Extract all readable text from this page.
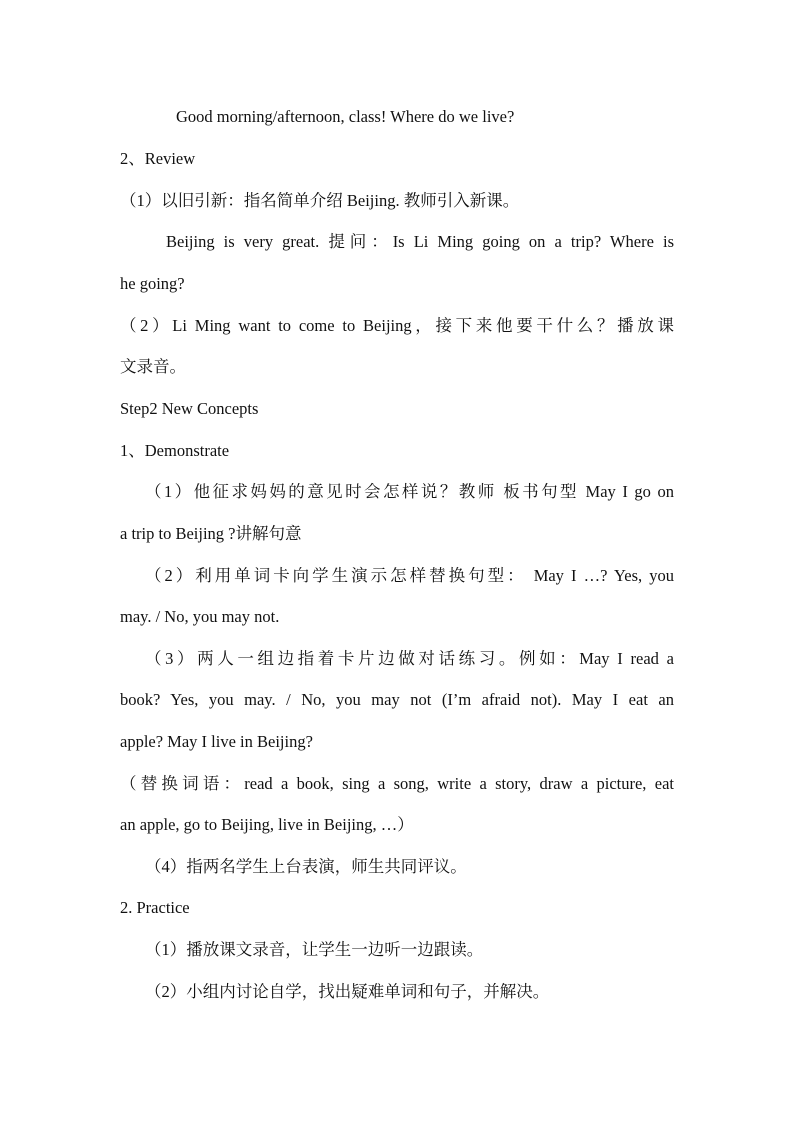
Good morning/afternoon, class! Where do we live?
2、Review
（1）以旧引新：指名简单介绍 Beijing. 教师引入新课。
Beijing is very great. 提问：Is Li Ming going on a trip? Where is
he going?
（2）Li Ming want to come to Beijing，接下来他要干什么？播放课
文录音。
Step2 New Concepts
1、Demonstrate
（1）他征求妈妈的意见时会怎样说？教师 板书句型 May I go on
a trip to Beijing ?讲解句意
（2）利用单词卡向学生演示怎样替换句型： May I …? Yes, you
may. / No, you may not.
（3）两人一组边指着卡片边做对话练习。例如：May I read a
book? Yes, you may. / No, you may not (I’m afraid not). May I eat an
apple? May I live in Beijing?
（替换词语：read a book, sing a song, write a story, draw a picture, eat
an apple, go to Beijing, live in Beijing, …）
（4）指两名学生上台表演，师生共同评议。
2. Practice
（1）播放课文录音，让学生一边听一边跟读。
（2）小组内讨论自学，找出疑难单词和句子，并解决。
